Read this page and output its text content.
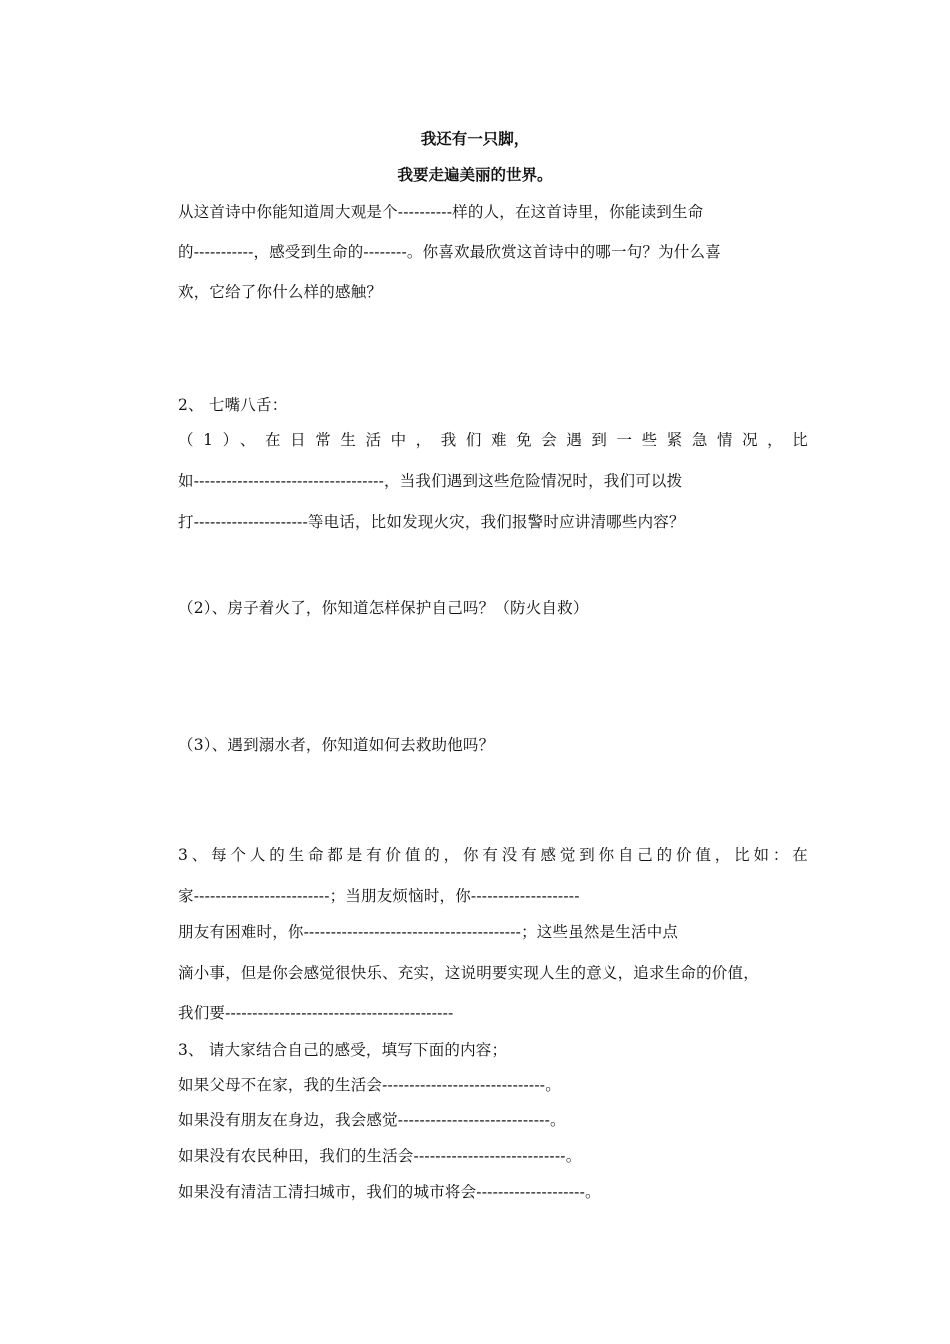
我还有一只脚，
我要走遍美丽的世界。
从这首诗中你能知道周大观是个----------样的人，在这首诗里，你能读到生命
的-----------，感受到生命的--------。你喜欢最欣赏这首诗中的哪一句？为什么喜
欢，它给了你什么样的感触？
2、 七嘴八舌：
（1）、在日常生活中，我们难免会遇到一些紧急情况，比
如-----------------------------------，当我们遇到这些危险情况时，我们可以拨
打---------------------等电话，比如发现火灾，我们报警时应讲清哪些内容？
（2）、房子着火了，你知道怎样保护自己吗？（防火自救）
（3）、遇到溺水者，你知道如何去救助他吗？
3、每个人的生命都是有价值的，你有没有感觉到你自己的价值，比如：在
家-------------------------；当朋友烦恼时，你--------------------
朋友有困难时，你----------------------------------------；这些虽然是生活中点
滴小事，但是你会感觉很快乐、充实，这说明要实现人生的意义，追求生命的价值，
我们要------------------------------------------
3、 请大家结合自己的感受，填写下面的内容；
如果父母不在家，我的生活会------------------------------。
如果没有朋友在身边，我会感觉----------------------------。
如果没有农民种田，我们的生活会----------------------------。
如果没有清洁工清扫城市，我们的城市将会--------------------。
